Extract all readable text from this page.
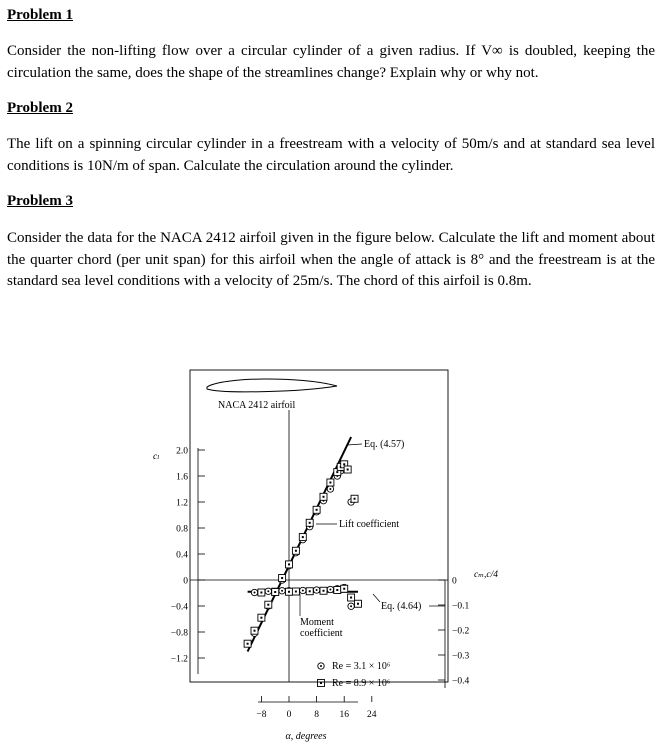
Problem 1

Consider the non-lifting flow over a circular cylinder of a given radius. If V∞ is doubled, keeping the circulation the same, does the shape of the streamlines change? Explain why or why not.

Problem 2

The lift on a spinning circular cylinder in a freestream with a velocity of 50m/s and at standard sea level conditions is 10N/m of span. Calculate the circulation around the cylinder.

Problem 3

Consider the data for the NACA 2412 airfoil given in the figure below. Calculate the lift and moment about the quarter chord (per unit span) for this airfoil when the angle of attack is 8° and the freestream is at the standard sea level conditions with a velocity of 25m/s. The chord of this airfoil is 0.8m.

NACA 2412 airfoil
2.0
1.6
1.2
0.8
0.4
0
−0.4
−0.8
−1.2
cₗ
0
−0.1
−0.2
−0.3
−0.4
cₘ,c/4
−8 0 8 16 24
α, degrees
Eq. (4.57)
Lift coefficient
Eq. (4.64)
Moment
coefficient
Re = 3.1 × 10⁶
Re = 8.9 × 10⁶
